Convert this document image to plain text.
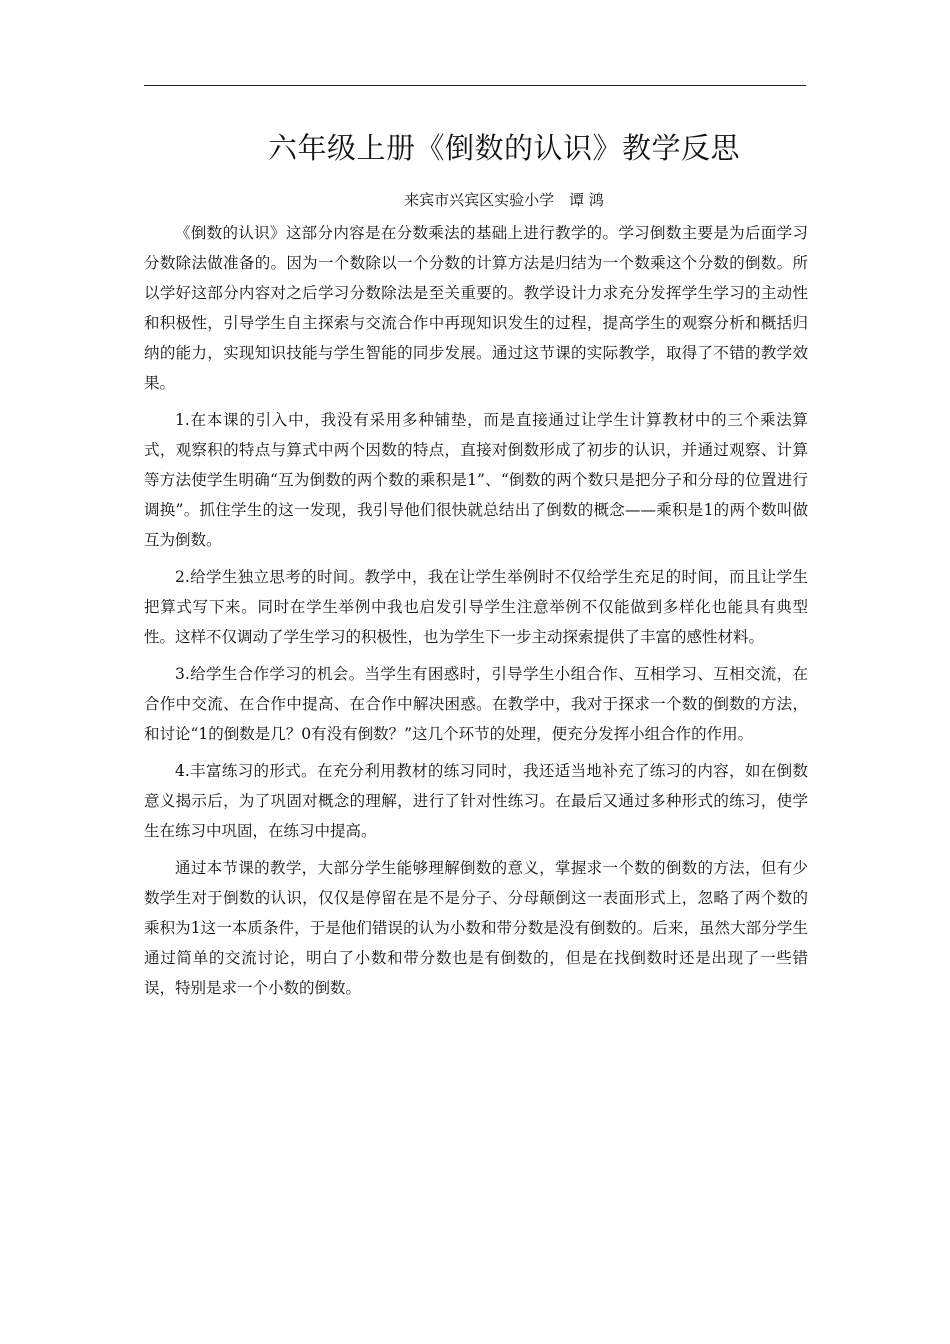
六年级上册《倒数的认识》教学反思
来宾市兴宾区实验小学　谭 鸿

《倒数的认识》这部分内容是在分数乘法的基础上进行教学的。学习倒数主要是为后面学习分数除法做准备的。因为一个数除以一个分数的计算方法是归结为一个数乘这个分数的倒数。所以学好这部分内容对之后学习分数除法是至关重要的。教学设计力求充分发挥学生学习的主动性和积极性，引导学生自主探索与交流合作中再现知识发生的过程，提高学生的观察分析和概括归纳的能力，实现知识技能与学生智能的同步发展。通过这节课的实际教学，取得了不错的教学效果。

1.在本课的引入中，我没有采用多种铺垫，而是直接通过让学生计算教材中的三个乘法算式，观察积的特点与算式中两个因数的特点，直接对倒数形成了初步的认识，并通过观察、计算等方法使学生明确“互为倒数的两个数的乘积是1”、“倒数的两个数只是把分子和分母的位置进行调换”。抓住学生的这一发现，我引导他们很快就总结出了倒数的概念——乘积是1的两个数叫做互为倒数。

2.给学生独立思考的时间。教学中，我在让学生举例时不仅给学生充足的时间，而且让学生把算式写下来。同时在学生举例中我也启发引导学生注意举例不仅能做到多样化也能具有典型性。这样不仅调动了学生学习的积极性，也为学生下一步主动探索提供了丰富的感性材料。

3.给学生合作学习的机会。当学生有困惑时，引导学生小组合作、互相学习、互相交流，在合作中交流、在合作中提高、在合作中解决困惑。在教学中，我对于探求一个数的倒数的方法，和讨论“1的倒数是几？0有没有倒数？”这几个环节的处理，便充分发挥小组合作的作用。

4.丰富练习的形式。在充分利用教材的练习同时，我还适当地补充了练习的内容，如在倒数意义揭示后，为了巩固对概念的理解，进行了针对性练习。在最后又通过多种形式的练习，使学生在练习中巩固，在练习中提高。

通过本节课的教学，大部分学生能够理解倒数的意义，掌握求一个数的倒数的方法，但有少数学生对于倒数的认识，仅仅是停留在是不是分子、分母颠倒这一表面形式上，忽略了两个数的乘积为1这一本质条件，于是他们错误的认为小数和带分数是没有倒数的。后来，虽然大部分学生通过简单的交流讨论，明白了小数和带分数也是有倒数的，但是在找倒数时还是出现了一些错误，特别是求一个小数的倒数。
